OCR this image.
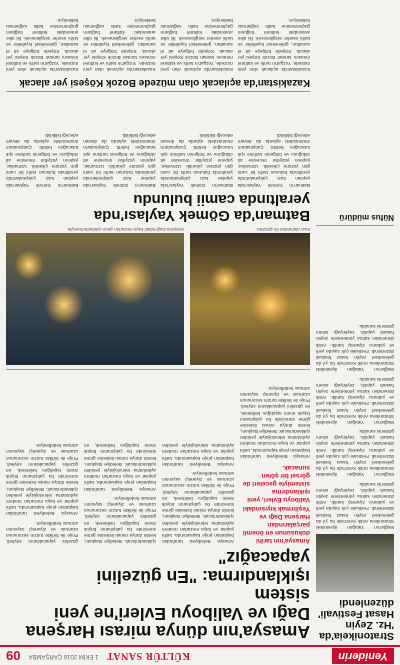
Yeniderin
KÜLTÜR SANAT
1 EKİM 2016 ÇARŞAMBA
09
Amasya'nın dünya mirası Harşena
Dağı ve Valiboyu Evleri'ne yeni sistem
ışıklandırma: "En güzelini yapacağız"
Amasya'nın tarihi dokusunun en önemli parçalarından Harşena Dağı ve Yeşilırmak kıyısındaki Valiboyu Evleri, yeni ışıklandırma sistemiyle geceleri de görsel bir şölen sunacak.
Amasya Belediyesi tarafından başlatılan proje kapsamında, tarihi yapılar ve kaya mezarları modern aydınlatma teknolojisiyle yeniden ışıklandırılacak. Belediye Başkanı, kentin dünya mirası listesine girme sürecinde bu çalışmanın büyük önem taşıdığını belirterek, en güzelini yapacaklarını söyledi. Proje ile birlikte turizm sezonunun uzaması ve ziyaretçi sayısının artması hedefleniyor.

Amasya Belediyesi tarafından başlatılan proje kapsamında, tarihi yapılar ve kaya mezarları modern aydınlatma teknolojisiyle yeniden ışıklandırılacak. Belediye Başkanı, kentin dünya mirası listesine girme sürecinde bu çalışmanın büyük önem taşıdığını belirterek, en güzelini yapacaklarını söyledi. Proje ile birlikte turizm sezonunun uzaması ve ziyaretçi sayısının artması hedefleniyor.

Amasya Belediyesi tarafından başlatılan proje kapsamında, tarihi yapılar ve kaya mezarları modern aydınlatma teknolojisiyle yeniden ışıklandırılacak. Belediye Başkanı, kentin dünya mirası listesine girme sürecinde bu çalışmanın büyük önem taşıdığını belirterek, en güzelini yapacaklarını söyledi. Proje ile birlikte turizm sezonunun uzaması ve ziyaretçi sayısının artması hedefleniyor.

Amasya Belediyesi tarafından başlatılan proje kapsamında, tarihi yapılar ve kaya mezarları modern aydınlatma teknolojisiyle yeniden ışıklandırılacak. Belediye Başkanı, kentin dünya mirası listesine girme sürecinde bu çalışmanın büyük önem taşıdığını belirterek, en güzelini yapacaklarını söyledi. Proje ile birlikte turizm sezonunun uzaması ve ziyaretçi sayısının artması hedefleniyor.

Amasya Belediyesi tarafından başlatılan proje kapsamında, tarihi yapılar ve kaya mezarları modern aydınlatma teknolojisiyle yeniden ışıklandırılacak. Belediye Başkanı, kentin dünya mirası listesine girme sürecinde bu çalışmanın büyük önem taşıdığını belirterek, en güzelini yapacaklarını söyledi. Proje ile birlikte turizm sezonunun uzaması ve ziyaretçi sayısının artması hedefleniyor.

Kazı alanından bir görüntü.
Harşena Dağı'ndaki kaya mezarları gece ışıklandırmasıyla.
Batman'da Gömek Yaylası'nda
yeraltında camii bulundu

Batman'ın Gömek Yaylası'nda yapılan kazı çalışmalarında yeraltında bulunan tarihi bir cami gün yüzüne çıkarıldı. Uzmanlar, yapının yüzyıllar öncesine ait olduğunu ve bölgenin tarihine ışık tutacağını belirtti. Çalışmaların önümüzdeki aylarda da devam edeceği bildirildi.

Batman'ın Gömek Yaylası'nda yapılan kazı çalışmalarında yeraltında bulunan tarihi bir cami gün yüzüne çıkarıldı. Uzmanlar, yapının yüzyıllar öncesine ait olduğunu ve bölgenin tarihine ışık tutacağını belirtti. Çalışmaların önümüzdeki aylarda da devam edeceği bildirildi.

Batman'ın Gömek Yaylası'nda yapılan kazı çalışmalarında yeraltında bulunan tarihi bir cami gün yüzüne çıkarıldı. Uzmanlar, yapının yüzyıllar öncesine ait olduğunu ve bölgenin tarihine ışık tutacağını belirtti. Çalışmaların önümüzdeki aylarda da devam edeceği bildirildi.

Batman'ın Gömek Yaylası'nda yapılan kazı çalışmalarında yeraltında bulunan tarihi bir cami gün yüzüne çıkarıldı. Uzmanlar, yapının yüzyıllar öncesine ait olduğunu ve bölgenin tarihine ışık tutacağını belirtti. Çalışmaların önümüzdeki aylarda da devam edeceği bildirildi.

Kazakistan'da açılacak olan müzede Bozok Köşesi yer alacak

Kazakistan'da açılacak olan yeni müzede, Yozgat'ın tarihi ve kültürel mirasını tanıtan Bozok Köşesi yer alacak. Köşede bölgeye ait el sanatları, geleneksel kıyafetler ve tarihi eserler sergilenecek. İki ülke arasındaki kültürel bağların güçlenmesine katkı sağlaması bekleniyor.

Kazakistan'da açılacak olan yeni müzede, Yozgat'ın tarihi ve kültürel mirasını tanıtan Bozok Köşesi yer alacak. Köşede bölgeye ait el sanatları, geleneksel kıyafetler ve tarihi eserler sergilenecek. İki ülke arasındaki kültürel bağların güçlenmesine katkı sağlaması bekleniyor.

Kazakistan'da açılacak olan yeni müzede, Yozgat'ın tarihi ve kültürel mirasını tanıtan Bozok Köşesi yer alacak. Köşede bölgeye ait el sanatları, geleneksel kıyafetler ve tarihi eserler sergilenecek. İki ülke arasındaki kültürel bağların güçlenmesine katkı sağlaması bekleniyor.

Kazakistan'da açılacak olan yeni müzede, Yozgat'ın tarihi ve kültürel mirasını tanıtan Bozok Köşesi yer alacak. Köşede bölgeye ait el sanatları, geleneksel kıyafetler ve tarihi eserler sergilenecek. İki ülke arasındaki kültürel bağların güçlenmesine katkı sağlaması bekleniyor.

Stratonikeia'da
'Hz. Zeyin
Hasat Festivali'
düzenlendi

Muğla'nın Yatağan ilçesindeki Stratonikeia Antik Kenti'nde bu yıl da geleneksel zeytin hasat festivali düzenlendi. Festivale çok sayıda yerli ve yabancı ziyaretçi katıldı. Antik dönemden kalma yöntemlerle zeytin hasadı yapıldı, zeytinyağı sıkımı gösterisi sunuldu.

Muğla'nın Yatağan ilçesindeki Stratonikeia Antik Kenti'nde bu yıl da geleneksel zeytin hasat festivali düzenlendi. Festivale çok sayıda yerli ve yabancı ziyaretçi katıldı. Antik dönemden kalma yöntemlerle zeytin hasadı yapıldı, zeytinyağı sıkımı gösterisi sunuldu.

Muğla'nın Yatağan ilçesindeki Stratonikeia Antik Kenti'nde bu yıl da geleneksel zeytin hasat festivali düzenlendi. Festivale çok sayıda yerli ve yabancı ziyaretçi katıldı. Antik dönemden kalma yöntemlerle zeytin hasadı yapıldı, zeytinyağı sıkımı gösterisi sunuldu.

Muğla'nın Yatağan ilçesindeki Stratonikeia Antik Kenti'nde bu yıl da geleneksel zeytin hasat festivali düzenlendi. Festivale çok sayıda yerli ve yabancı ziyaretçi katıldı. Antik dönemden kalma yöntemlerle zeytin hasadı yapıldı, zeytinyağı sıkımı gösterisi sunuldu.

Nüfus müdürü
